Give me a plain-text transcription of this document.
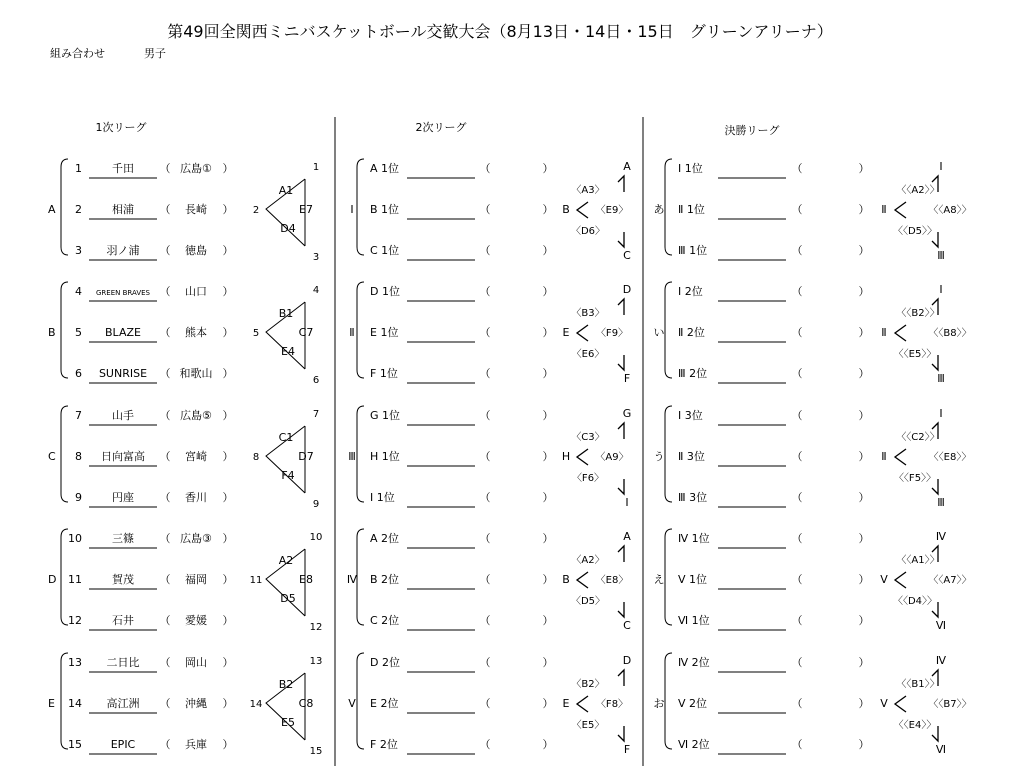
第49回全関西ミニバスケットボール交歓大会（8月13日・14日・15日　グリーンアリーナ）
組み合わせ	男子
1次リーグ	2次リーグ	決勝リーグ
A
1	千田 （ 広島① ）
2	相浦 （ 長崎 ）
3 羽ノ浦 （ 徳島 ）
1
3
2
A1
E7
D4
B
4 GREEN BRAVES （ 山口 ）
5 BLAZE （ 熊本 ）
6 SUNRISE （ 和歌山 ）
4
6
5
B1
C7
E4
C
7	山手 （ 広島⑤ ）
8 日向富高 （ 宮崎 ）
9	円座 （ 香川 ）
7
9
8
C1
D7
F4
D
10	三篠 （ 広島③ ）
11	賀茂 （ 福岡 ）
12	石井 （ 愛媛 ）
10
12
11
A2
E8
D5
E
13 二日比 （ 岡山 ）
14 高江洲 （ 沖縄 ）
15	EPIC （ 兵庫 ）
13
15
14
B2
C8
E5
Ⅰ
A 1位	（	）
B 1位	（	）
C 1位	（	）
A
B
C
〈A3〉
〈E9〉
〈D6〉
Ⅱ
D 1位	（	）
E 1位	（	）
F 1位	（	）
D
E
F
〈B3〉
〈F9〉
〈E6〉
Ⅲ
G 1位	（	）
H 1位	（	）
I 1位	（	）
G
H
I
〈C3〉
〈A9〉
〈F6〉
Ⅳ
A 2位	（	）
B 2位	（	）
C 2位	（	）
A
B
C
〈A2〉
〈E8〉
〈D5〉
Ⅴ
D 2位	（	）
E 2位	（	）
F 2位	（	）
D
E
F
〈B2〉
〈F8〉
〈E5〉
あ
Ⅰ 1位	（	）
Ⅱ 1位	（	）
Ⅲ 1位	（	）
Ⅰ
Ⅱ
Ⅲ
〈〈A2〉〉
〈〈A8〉〉
〈〈D5〉〉
い
Ⅰ 2位	（	）
Ⅱ 2位	（	）
Ⅲ 2位	（	）
Ⅰ
Ⅱ
Ⅲ
〈〈B2〉〉
〈〈B8〉〉
〈〈E5〉〉
う
Ⅰ 3位	（	）
Ⅱ 3位	（	）
Ⅲ 3位	（	）
Ⅰ
Ⅱ
Ⅲ
〈〈C2〉〉
〈〈E8〉〉
〈〈F5〉〉
え
Ⅳ 1位	（	）
Ⅴ 1位	（	）
Ⅵ 1位	（	）
Ⅳ
Ⅴ
Ⅵ
〈〈A1〉〉
〈〈A7〉〉
〈〈D4〉〉
お
Ⅳ 2位	（	）
Ⅴ 2位	（	）
Ⅵ 2位	（	）
Ⅳ
Ⅴ
Ⅵ
〈〈B1〉〉
〈〈B7〉〉
〈〈E4〉〉
